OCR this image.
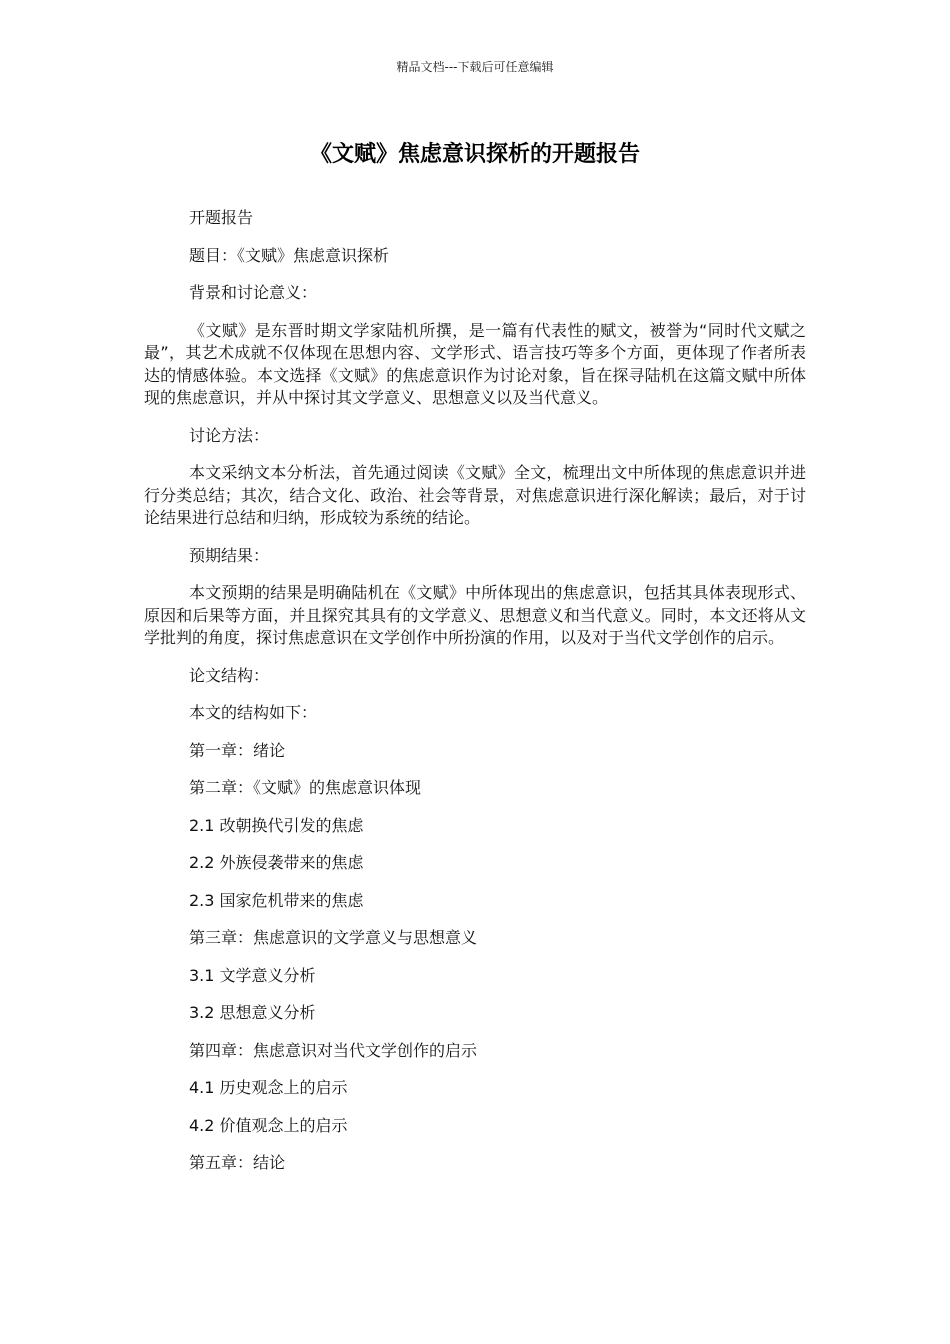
精品文档---下载后可任意编辑
《文赋》焦虑意识探析的开题报告

开题报告

题目：《文赋》焦虑意识探析

背景和讨论意义：

《文赋》是东晋时期文学家陆机所撰，是一篇有代表性的赋文，被誉为“同时代文赋之最”，其艺术成就不仅体现在思想内容、文学形式、语言技巧等多个方面，更体现了作者所表达的情感体验。本文选择《文赋》的焦虑意识作为讨论对象，旨在探寻陆机在这篇文赋中所体现的焦虑意识，并从中探讨其文学意义、思想意义以及当代意义。

讨论方法：

本文采纳文本分析法，首先通过阅读《文赋》全文，梳理出文中所体现的焦虑意识并进行分类总结；其次，结合文化、政治、社会等背景，对焦虑意识进行深化解读；最后，对于讨论结果进行总结和归纳，形成较为系统的结论。

预期结果：

本文预期的结果是明确陆机在《文赋》中所体现出的焦虑意识，包括其具体表现形式、原因和后果等方面，并且探究其具有的文学意义、思想意义和当代意义。同时，本文还将从文学批判的角度，探讨焦虑意识在文学创作中所扮演的作用，以及对于当代文学创作的启示。

论文结构：

本文的结构如下：

第一章：绪论

第二章：《文赋》的焦虑意识体现

2.1 改朝换代引发的焦虑

2.2 外族侵袭带来的焦虑

2.3 国家危机带来的焦虑

第三章：焦虑意识的文学意义与思想意义

3.1 文学意义分析

3.2 思想意义分析

第四章：焦虑意识对当代文学创作的启示

4.1 历史观念上的启示

4.2 价值观念上的启示

第五章：结论
